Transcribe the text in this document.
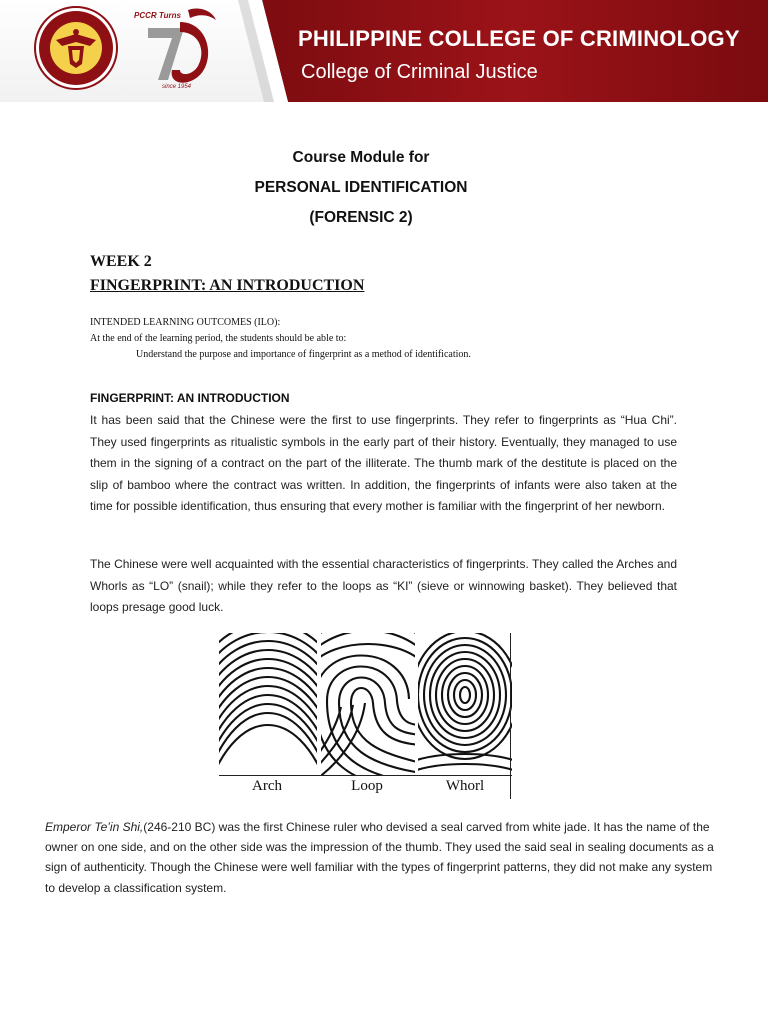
PCCR Turns
since 1954
PHILIPPINE COLLEGE OF CRIMINOLOGY
College of Criminal Justice
Course Module for
PERSONAL IDENTIFICATION
(FORENSIC 2)
WEEK 2
FINGERPRINT: AN INTRODUCTION
INTENDED LEARNING OUTCOMES (ILO):
At the end of the learning period, the students should be able to:
Understand the purpose and importance of fingerprint as a method of identification.
FINGERPRINT: AN INTRODUCTION
It has been said that the Chinese were the first to use fingerprints. They refer to fingerprints as “Hua Chi”. They used fingerprints as ritualistic symbols in the early part of their history. Eventually, they managed to use them in the signing of a contract on the part of the illiterate. The thumb mark of the destitute is placed on the slip of bamboo where the contract was written. In addition, the fingerprints of infants were also taken at the time for possible identification, thus ensuring that every mother is familiar with the fingerprint of her newborn.
The Chinese were well acquainted with the essential characteristics of fingerprints. They called the Arches and Whorls as “LO” (snail); while they refer to the loops as “KI” (sieve or winnowing basket). They believed that loops presage good luck.
Arch	Loop	Whorl
Emperor Te’in Shi,(246-210 BC) was the first Chinese ruler who devised a seal carved from white jade. It has the name of the owner on one side, and on the other side was the impression of the thumb. They used the said seal in sealing documents as a sign of authenticity. Though the Chinese were well familiar with the types of fingerprint patterns, they did not make any system to develop a classification system.
